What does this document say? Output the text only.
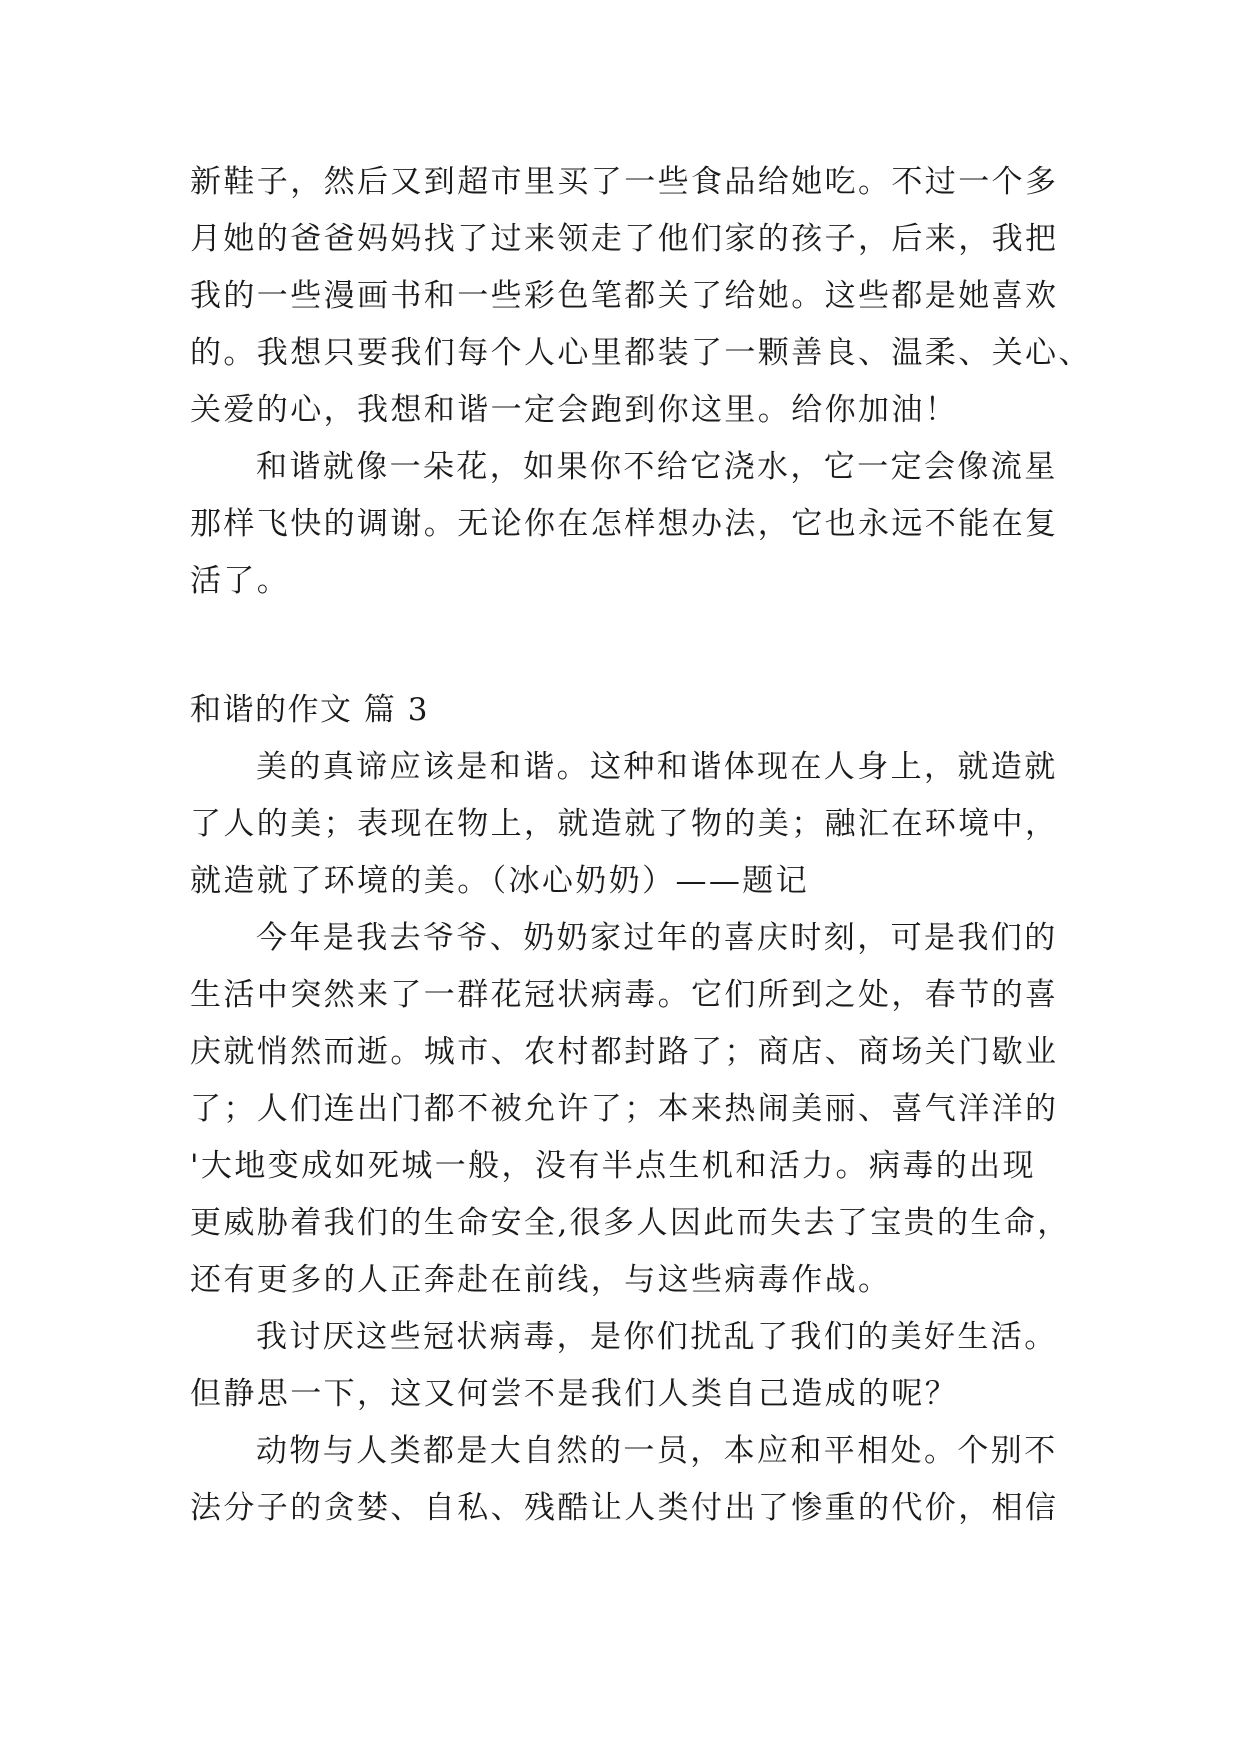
新鞋子，然后又到超市里买了一些食品给她吃。不过一个多
月她的爸爸妈妈找了过来领走了他们家的孩子，后来，我把
我的一些漫画书和一些彩色笔都关了给她。这些都是她喜欢
的。我想只要我们每个人心里都装了一颗善良、温柔、关心、
关爱的心，我想和谐一定会跑到你这里。给你加油！
和谐就像一朵花，如果你不给它浇水，它一定会像流星
那样飞快的调谢。无论你在怎样想办法，它也永远不能在复
活了。
和谐的作文 篇 3
美的真谛应该是和谐。这种和谐体现在人身上，就造就
了人的美；表现在物上，就造就了物的美；融汇在环境中，
就造就了环境的美。（冰心奶奶）——题记
今年是我去爷爷、奶奶家过年的喜庆时刻，可是我们的
生活中突然来了一群花冠状病毒。它们所到之处，春节的喜
庆就悄然而逝。城市、农村都封路了；商店、商场关门歇业
了；人们连出门都不被允许了；本来热闹美丽、喜气洋洋的
'大地变成如死城一般，没有半点生机和活力。病毒的出现
更威胁着我们的生命安全,很多人因此而失去了宝贵的生命，
还有更多的人正奔赴在前线，与这些病毒作战。
我讨厌这些冠状病毒，是你们扰乱了我们的美好生活。
但静思一下，这又何尝不是我们人类自己造成的呢？
动物与人类都是大自然的一员，本应和平相处。个别不
法分子的贪婪、自私、残酷让人类付出了惨重的代价，相信
